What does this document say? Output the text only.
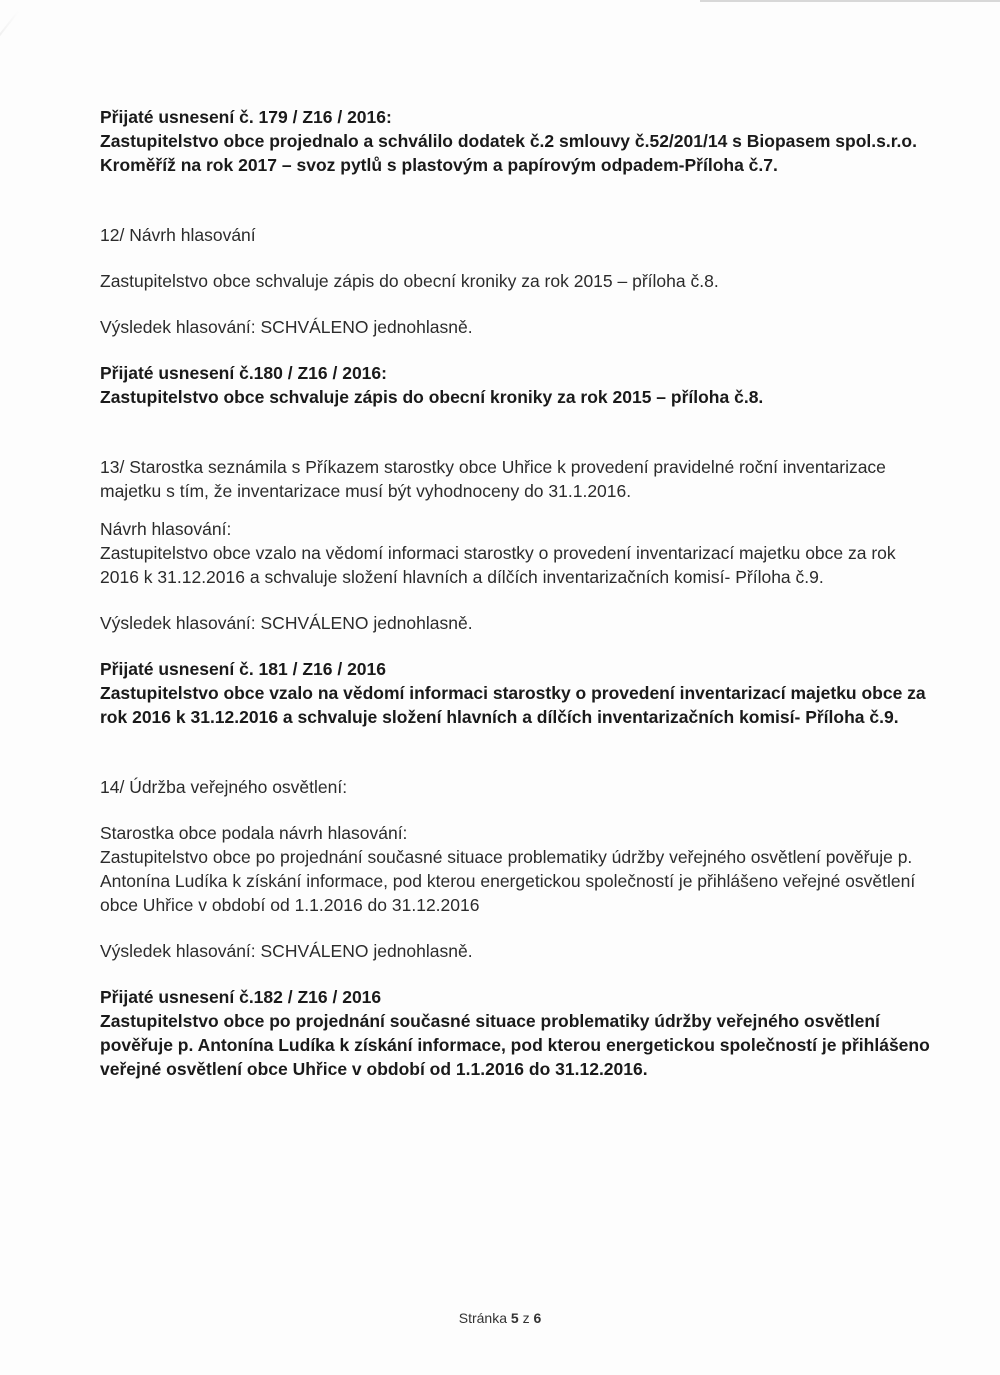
Přijaté usnesení č. 179 / Z16 / 2016:

Zastupitelstvo obce projednalo a schválilo dodatek č.2 smlouvy č.52/201/14 s Biopasem spol.s.r.o. Kroměříž na rok 2017 – svoz pytlů s plastovým a papírovým odpadem-Příloha č.7.

12/ Návrh hlasování

Zastupitelstvo obce schvaluje zápis do obecní kroniky za rok 2015 – příloha č.8.

Výsledek hlasování: SCHVÁLENO jednohlasně.

Přijaté usnesení č.180 / Z16 / 2016:

Zastupitelstvo obce schvaluje zápis do obecní kroniky za rok 2015 – příloha č.8.

13/ Starostka seznámila s Příkazem starostky obce Uhřice k provedení pravidelné roční inventarizace majetku s tím, že inventarizace musí být vyhodnoceny do 31.1.2016.

Návrh hlasování:

Zastupitelstvo obce vzalo na vědomí informaci starostky o provedení inventarizací majetku obce za rok 2016 k 31.12.2016 a schvaluje složení hlavních a dílčích inventarizačních komisí- Příloha č.9.

Výsledek hlasování: SCHVÁLENO jednohlasně.

Přijaté usnesení č. 181 / Z16 / 2016

Zastupitelstvo obce vzalo na vědomí informaci starostky o provedení inventarizací majetku obce za rok 2016 k 31.12.2016 a schvaluje složení hlavních a dílčích inventarizačních komisí- Příloha č.9.

14/ Údržba veřejného osvětlení:

Starostka obce podala návrh hlasování:

Zastupitelstvo obce po projednání současné situace problematiky údržby veřejného osvětlení pověřuje p. Antonína Ludíka k získání informace, pod kterou energetickou společností je přihlášeno veřejné osvětlení obce Uhřice v období od 1.1.2016 do 31.12.2016

Výsledek hlasování: SCHVÁLENO jednohlasně.

Přijaté usnesení č.182 / Z16 / 2016

Zastupitelstvo obce po projednání současné situace problematiky údržby veřejného osvětlení pověřuje p. Antonína Ludíka k získání informace, pod kterou energetickou společností je přihlášeno veřejné osvětlení obce Uhřice v období od 1.1.2016 do 31.12.2016.

Stránka 5 z 6
